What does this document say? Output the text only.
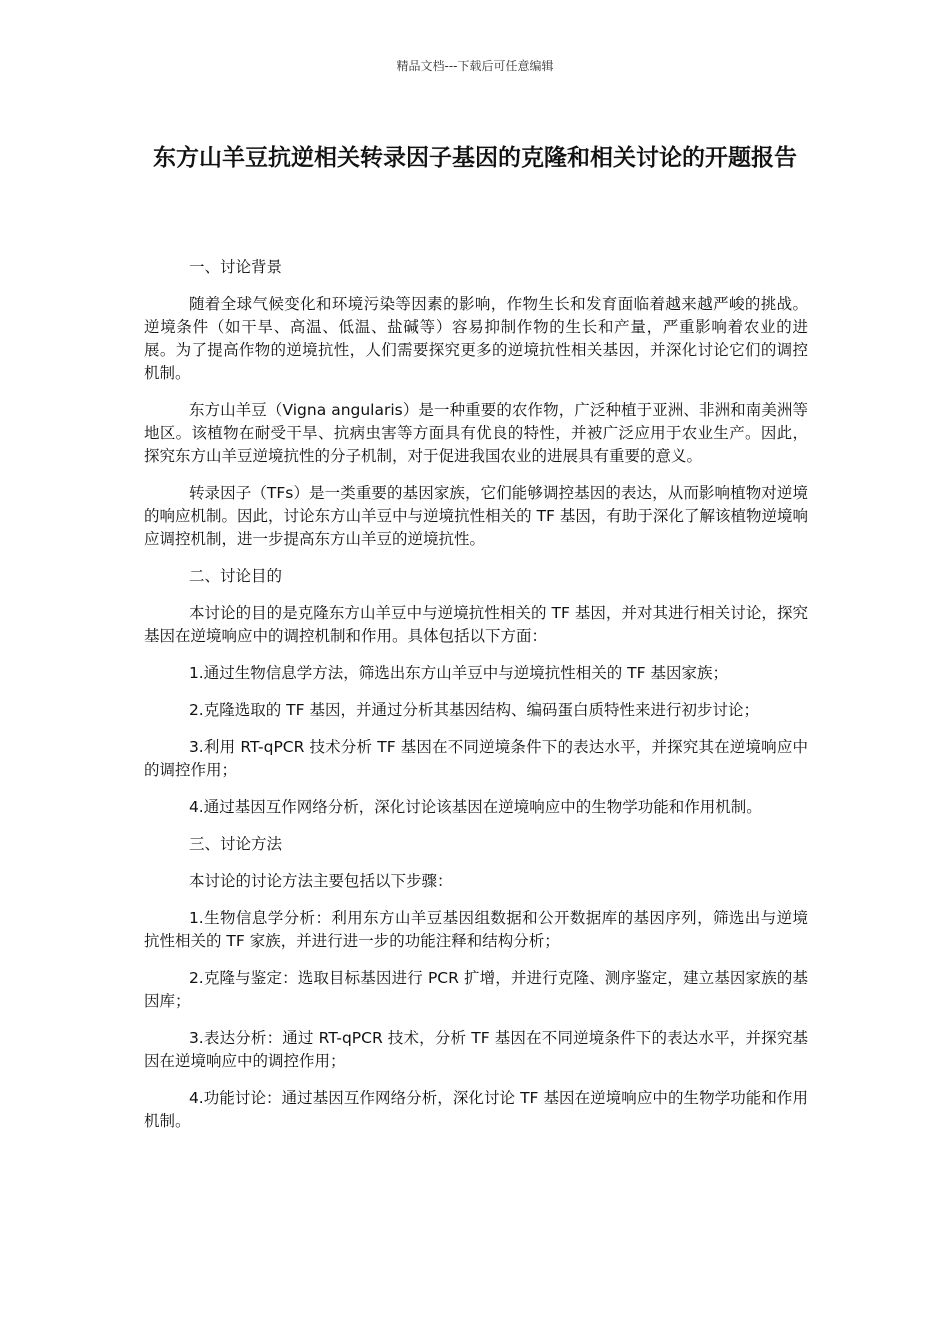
精品文档---下载后可任意编辑
东方山羊豆抗逆相关转录因子基因的克隆和相关讨论的开题报告

一、讨论背景

随着全球气候变化和环境污染等因素的影响，作物生长和发育面临着越来越严峻的挑战。逆境条件（如干旱、高温、低温、盐碱等）容易抑制作物的生长和产量，严重影响着农业的进展。为了提高作物的逆境抗性，人们需要探究更多的逆境抗性相关基因，并深化讨论它们的调控机制。

东方山羊豆（Vigna angularis）是一种重要的农作物，广泛种植于亚洲、非洲和南美洲等地区。该植物在耐受干旱、抗病虫害等方面具有优良的特性，并被广泛应用于农业生产。因此，探究东方山羊豆逆境抗性的分子机制，对于促进我国农业的进展具有重要的意义。

转录因子（TFs）是一类重要的基因家族，它们能够调控基因的表达，从而影响植物对逆境的响应机制。因此，讨论东方山羊豆中与逆境抗性相关的 TF 基因，有助于深化了解该植物逆境响应调控机制，进一步提高东方山羊豆的逆境抗性。

二、讨论目的

本讨论的目的是克隆东方山羊豆中与逆境抗性相关的 TF 基因，并对其进行相关讨论，探究基因在逆境响应中的调控机制和作用。具体包括以下方面：

1.通过生物信息学方法，筛选出东方山羊豆中与逆境抗性相关的 TF 基因家族；

2.克隆选取的 TF 基因，并通过分析其基因结构、编码蛋白质特性来进行初步讨论；

3.利用 RT-qPCR 技术分析 TF 基因在不同逆境条件下的表达水平，并探究其在逆境响应中的调控作用；

4.通过基因互作网络分析，深化讨论该基因在逆境响应中的生物学功能和作用机制。

三、讨论方法

本讨论的讨论方法主要包括以下步骤：

1.生物信息学分析：利用东方山羊豆基因组数据和公开数据库的基因序列，筛选出与逆境抗性相关的 TF 家族，并进行进一步的功能注释和结构分析；

2.克隆与鉴定：选取目标基因进行 PCR 扩增，并进行克隆、测序鉴定，建立基因家族的基因库；

3.表达分析：通过 RT-qPCR 技术，分析 TF 基因在不同逆境条件下的表达水平，并探究基因在逆境响应中的调控作用；

4.功能讨论：通过基因互作网络分析，深化讨论 TF 基因在逆境响应中的生物学功能和作用机制。
